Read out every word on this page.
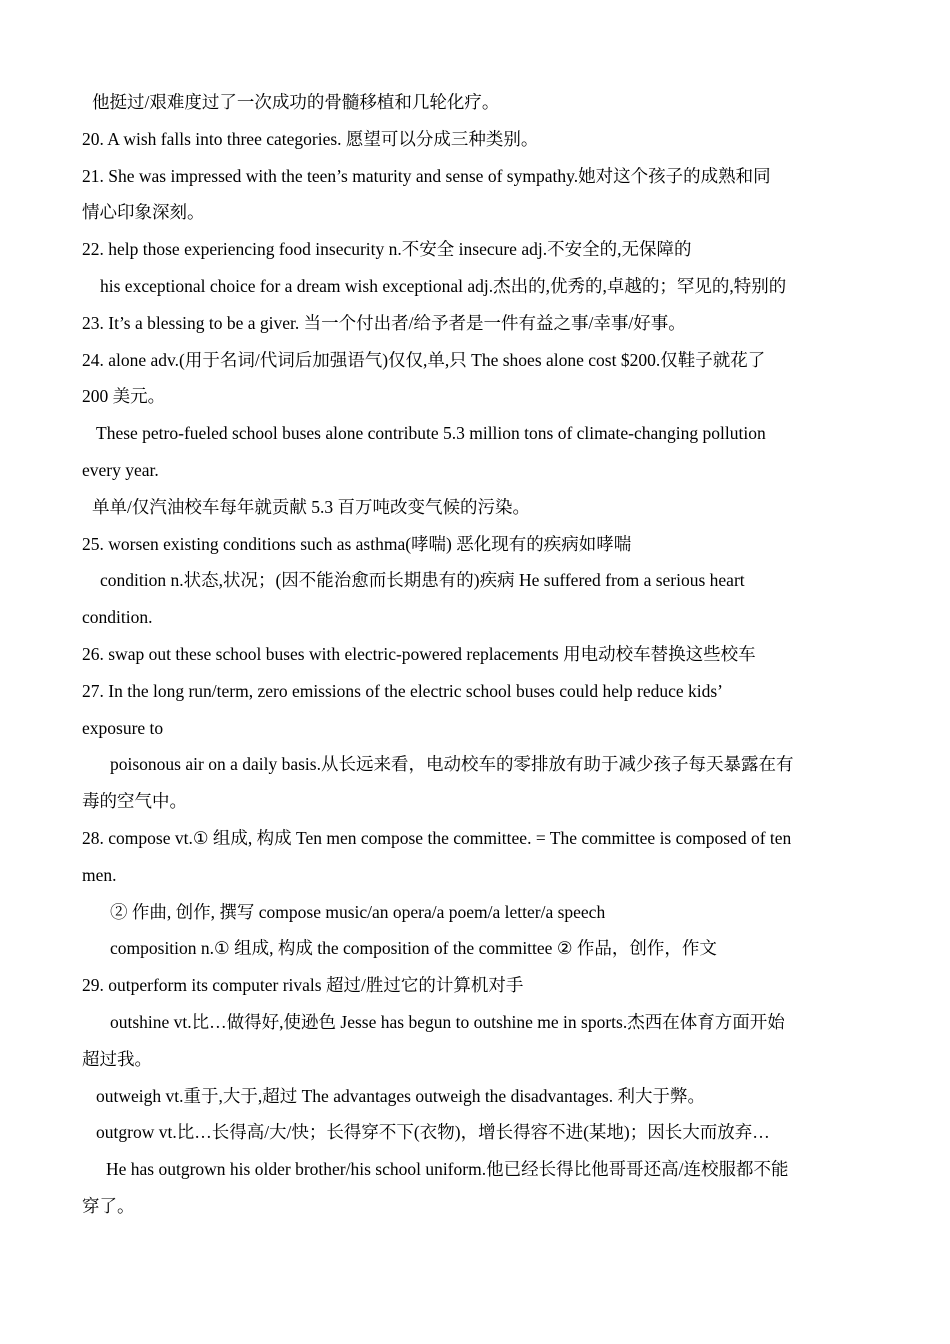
他挺过/艰难度过了一次成功的骨髓移植和几轮化疗。
20. A wish falls into three categories. 愿望可以分成三种类别。
21. She was impressed with the teen’s maturity and sense of sympathy.她对这个孩子的成熟和同
情心印象深刻。
22. help those experiencing food insecurity n.不安全 insecure adj.不安全的,无保障的
his exceptional choice for a dream wish exceptional adj.杰出的,优秀的,卓越的；罕见的,特别的
23. It’s a blessing to be a giver. 当一个付出者/给予者是一件有益之事/幸事/好事。
24. alone adv.(用于名词/代词后加强语气)仅仅,单,只 The shoes alone cost $200.仅鞋子就花了
200 美元。
These petro-fueled school buses alone contribute 5.3 million tons of climate-changing pollution
every year.
单单/仅汽油校车每年就贡献 5.3 百万吨改变气候的污染。
25. worsen existing conditions such as asthma(哮喘) 恶化现有的疾病如哮喘
condition n.状态,状况；(因不能治愈而长期患有的)疾病 He suffered from a serious heart
condition.
26. swap out these school buses with electric-powered replacements 用电动校车替换这些校车
27. In the long run/term, zero emissions of the electric school buses could help reduce kids’
exposure to
poisonous air on a daily basis.从长远来看，电动校车的零排放有助于减少孩子每天暴露在有
毒的空气中。
28. compose vt.① 组成, 构成 Ten men compose the committee. = The committee is composed of ten
men.
② 作曲, 创作, 撰写 compose music/an opera/a poem/a letter/a speech
composition n.① 组成, 构成 the composition of the committee ② 作品，创作，作文
29. outperform its computer rivals 超过/胜过它的计算机对手
outshine vt.比…做得好,使逊色 Jesse has begun to outshine me in sports.杰西在体育方面开始
超过我。
outweigh vt.重于,大于,超过 The advantages outweigh the disadvantages. 利大于弊。
outgrow vt.比…长得高/大/快；长得穿不下(衣物)，增长得容不进(某地)；因长大而放弃…
He has outgrown his older brother/his school uniform.他已经长得比他哥哥还高/连校服都不能
穿了。
